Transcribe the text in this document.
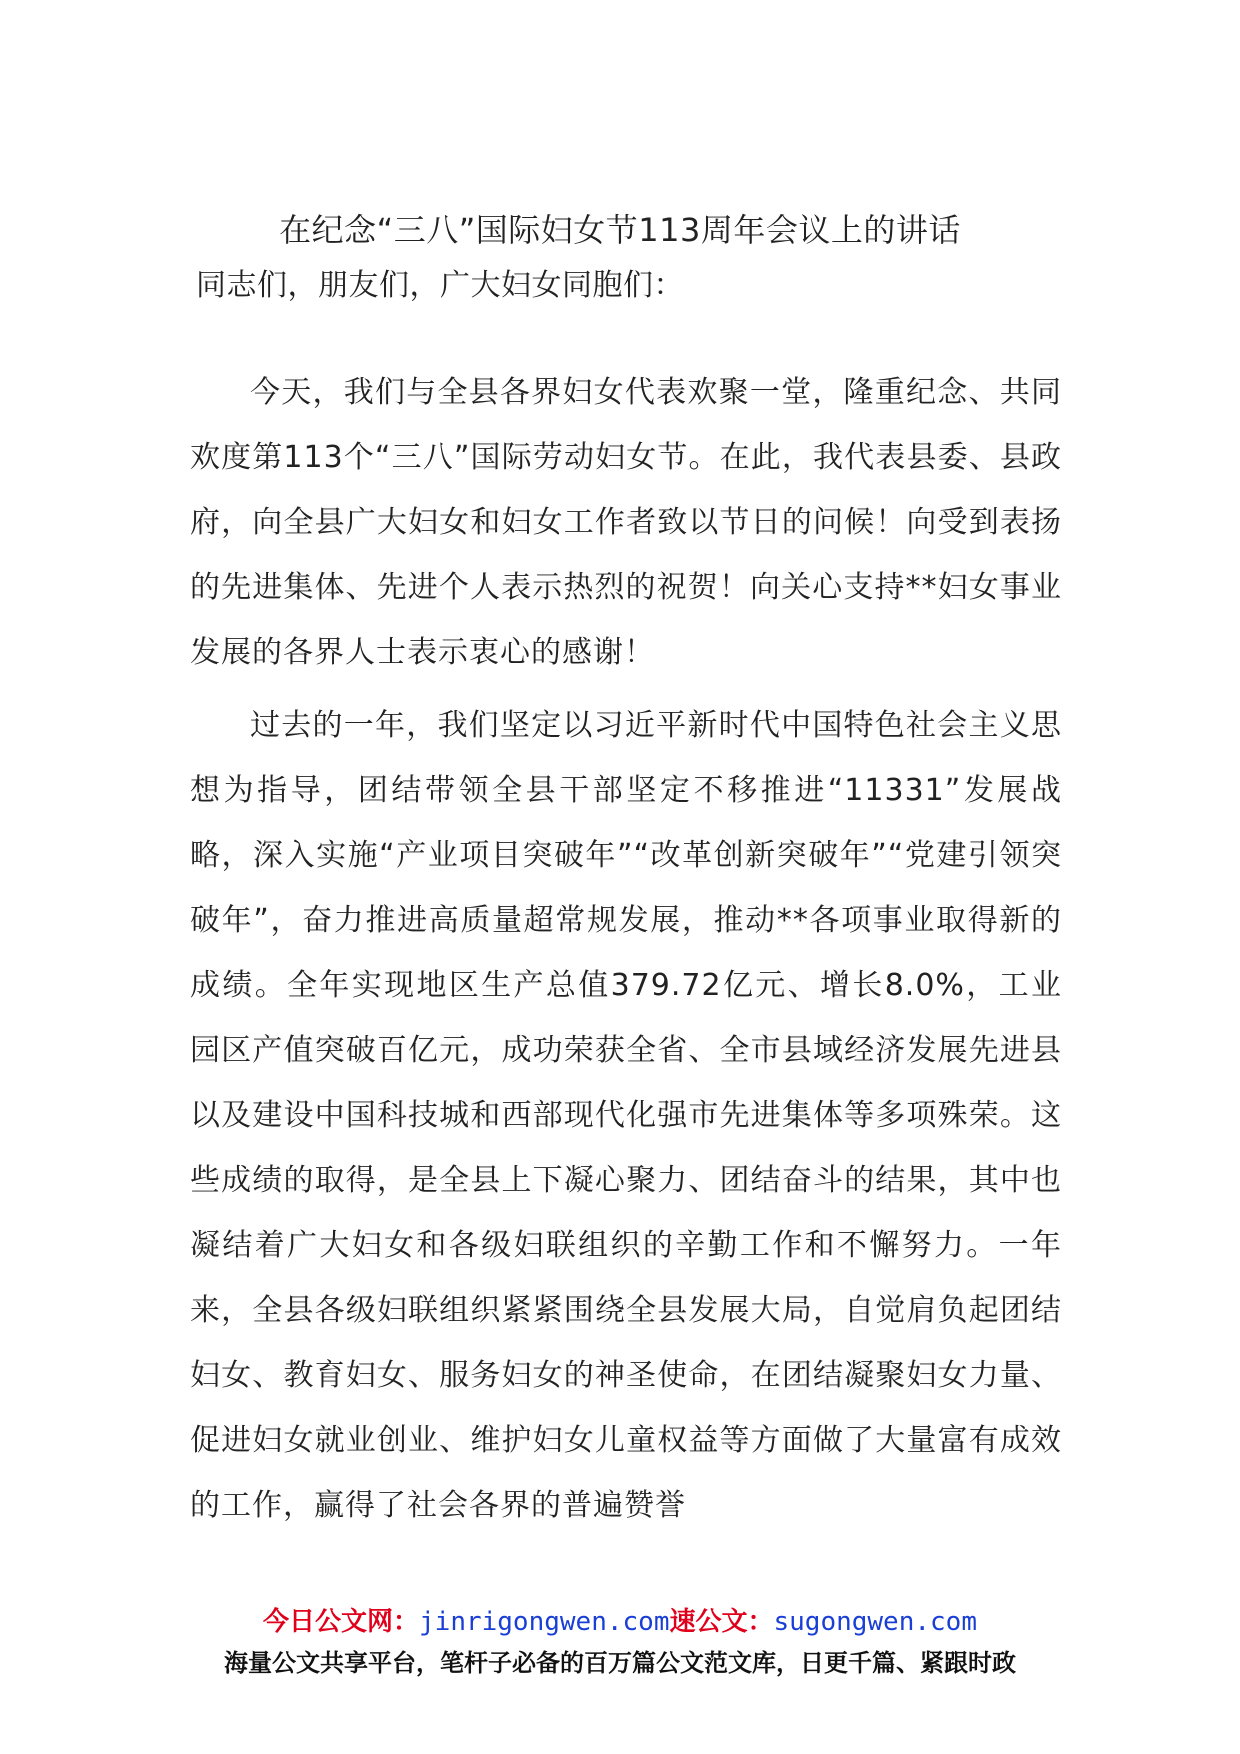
在纪念“三八”国际妇女节113周年会议上的讲话
同志们，朋友们，广大妇女同胞们：

今天，我们与全县各界妇女代表欢聚一堂，隆重纪念、共同欢度第113个“三八”国际劳动妇女节。在此，我代表县委、县政府，向全县广大妇女和妇女工作者致以节日的问候！向受到表扬的先进集体、先进个人表示热烈的祝贺！向关心支持**妇女事业发展的各界人士表示衷心的感谢！

过去的一年，我们坚定以习近平新时代中国特色社会主义思想为指导，团结带领全县干部坚定不移推进“11331”发展战略，深入实施“产业项目突破年”“改革创新突破年”“党建引领突破年”，奋力推进高质量超常规发展，推动**各项事业取得新的成绩。全年实现地区生产总值379.72亿元、增长8.0%，工业园区产值突破百亿元，成功荣获全省、全市县域经济发展先进县以及建设中国科技城和西部现代化强市先进集体等多项殊荣。这些成绩的取得，是全县上下凝心聚力、团结奋斗的结果，其中也凝结着广大妇女和各级妇联组织的辛勤工作和不懈努力。一年来，全县各级妇联组织紧紧围绕全县发展大局，自觉肩负起团结妇女、教育妇女、服务妇女的神圣使命，在团结凝聚妇女力量、促进妇女就业创业、维护妇女儿童权益等方面做了大量富有成效的工作，赢得了社会各界的普遍赞誉

今日公文网：jinrigongwen.com速公文：sugongwen.com
海量公文共享平台，笔杆子必备的百万篇公文范文库，日更千篇、紧跟时政
